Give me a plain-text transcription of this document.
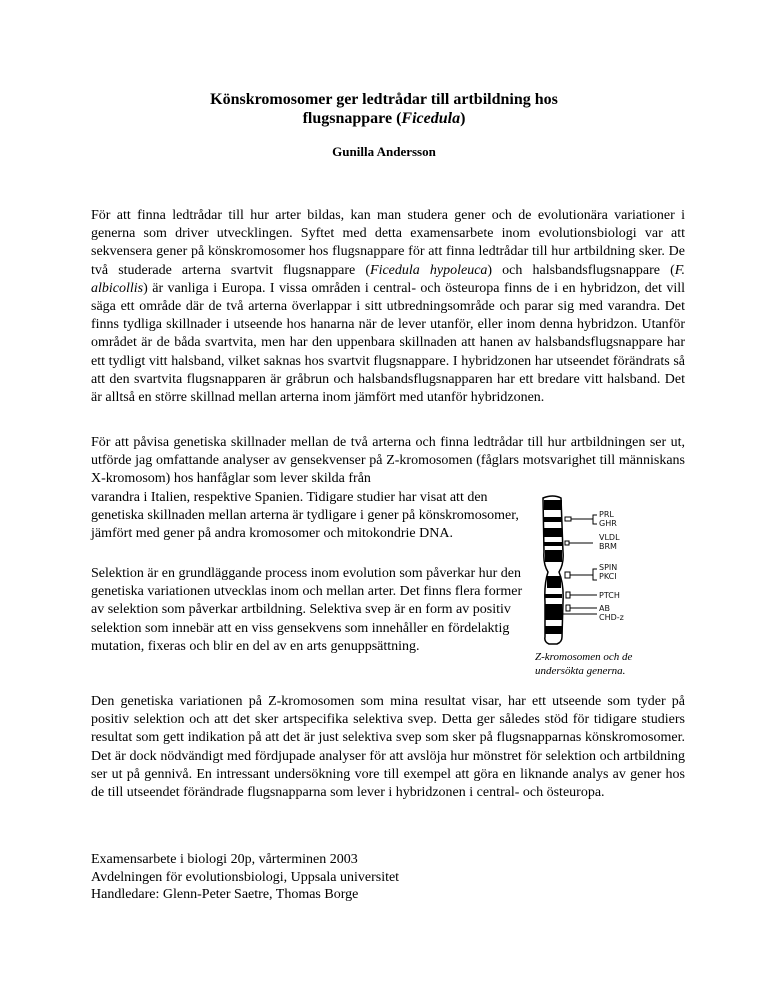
Könskromosomer ger ledtrådar till artbildning hos
flugsnappare (Ficedula)
Gunilla Andersson

För att finna ledtrådar till hur arter bildas, kan man studera gener och de evolutionära variationer i generna som driver utvecklingen. Syftet med detta examensarbete inom evolutionsbiologi var att sekvensera gener på könskromosomer hos flugsnappare för att finna ledtrådar till hur artbildning sker. De två studerade arterna svartvit flugsnappare (Ficedula hypoleuca) och halsbandsflugsnappare (F. albicollis) är vanliga i Europa. I vissa områden i central- och östeuropa finns de i en hybridzon, det vill säga ett område där de två arterna överlappar i sitt utbredningsområde och parar sig med varandra. Det finns tydliga skillnader i utseende hos hanarna när de lever utanför, eller inom denna hybridzon. Utanför området är de båda svartvita, men har den uppenbara skillnaden att hanen av halsbandsflugsnappare har ett tydligt vitt halsband, vilket saknas hos svartvit flugsnappare. I hybridzonen har utseendet förändrats så att den svartvita flugsnapparen är gråbrun och halsbandsflugsnapparen har ett bredare vitt halsband. Det är alltså en större skillnad mellan arterna inom jämfört med utanför hybridzonen.

För att påvisa genetiska skillnader mellan de två arterna och finna ledtrådar till hur artbildningen ser ut, utförde jag omfattande analyser av gensekvenser på Z-kromosomen (fåglars motsvarighet till människans X-kromosom) hos hanfåglar som lever skilda från
varandra i Italien, respektive Spanien. Tidigare studier har visat att den genetiska skillnaden mellan arterna är tydligare i gener på könskromosomer, jämfört med gener på andra kromosomer och mitokondrie DNA.

Selektion är en grundläggande process inom evolution som påverkar hur den genetiska variationen utvecklas inom och mellan arter. Det finns flera former av selektion som påverkar artbildning. Selektiva svep är en form av positiv selektion som innebär att en viss gensekvens som innehåller en fördelaktig mutation, fixeras och blir en del av en arts genuppsättning.

PRL
GHR
VLDL
BRM
SPIN
PKCI
PTCH
AB
CHD-z
Z-kromosomen och de
undersökta generna.

Den genetiska variationen på Z-kromosomen som mina resultat visar, har ett utseende som tyder på positiv selektion och att det sker artspecifika selektiva svep. Detta ger således stöd för tidigare studiers resultat som gett indikation på att det är just selektiva svep som sker på flugsnapparnas könskromosomer. Det är dock nödvändigt med fördjupade analyser för att avslöja hur mönstret för selektion och artbildning ser ut på gennivå. En intressant undersökning vore till exempel att göra en liknande analys av gener hos de till utseendet förändrade flugsnapparna som lever i hybridzonen i central- och östeuropa.

Examensarbete i biologi 20p, vårterminen 2003
Avdelningen för evolutionsbiologi, Uppsala universitet
Handledare: Glenn-Peter Saetre, Thomas Borge
